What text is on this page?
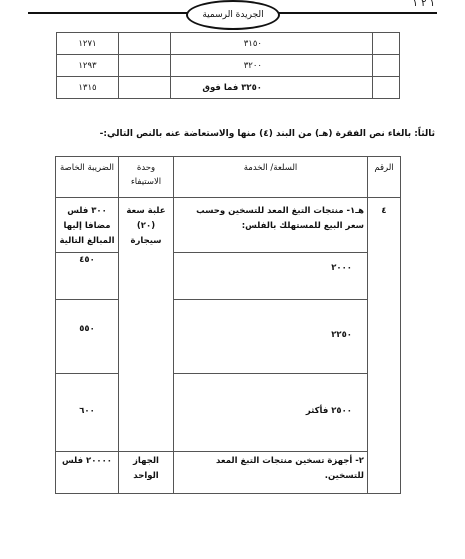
١ ٢ ١
الجريدة الرسمية
	٣١٥٠		١٢٧١
	٣٢٠٠		١٢٩٣
	٣٢٥٠ فما فوق		١٣١٥
ثالثاً: بالغاء نص الفقرة (هـ) من البند (٤) منها والاستعاضة عنه بالنص التالي:-
الرقم	السلعة/ الخدمة	وحدة الاستيفاء	الضريبة الخاصة
٤	هـ١- منتجات التبغ المعد للتسخين وحسب سعر البيع للمستهلك بالفلس:	علبة سعة (٢٠) سيجارة	٣٠٠ فلس مضافا إليها المبالغ التالية

	٢٠٠٠		٤٥٠

	٢٢٥٠		٥٥٠

	٢٥٠٠ فأكثر		٦٠٠
	٢- أجهزة تسخين منتجات التبغ المعد للتسخين.	الجهاز الواحد	٢٠٠٠٠ فلس
